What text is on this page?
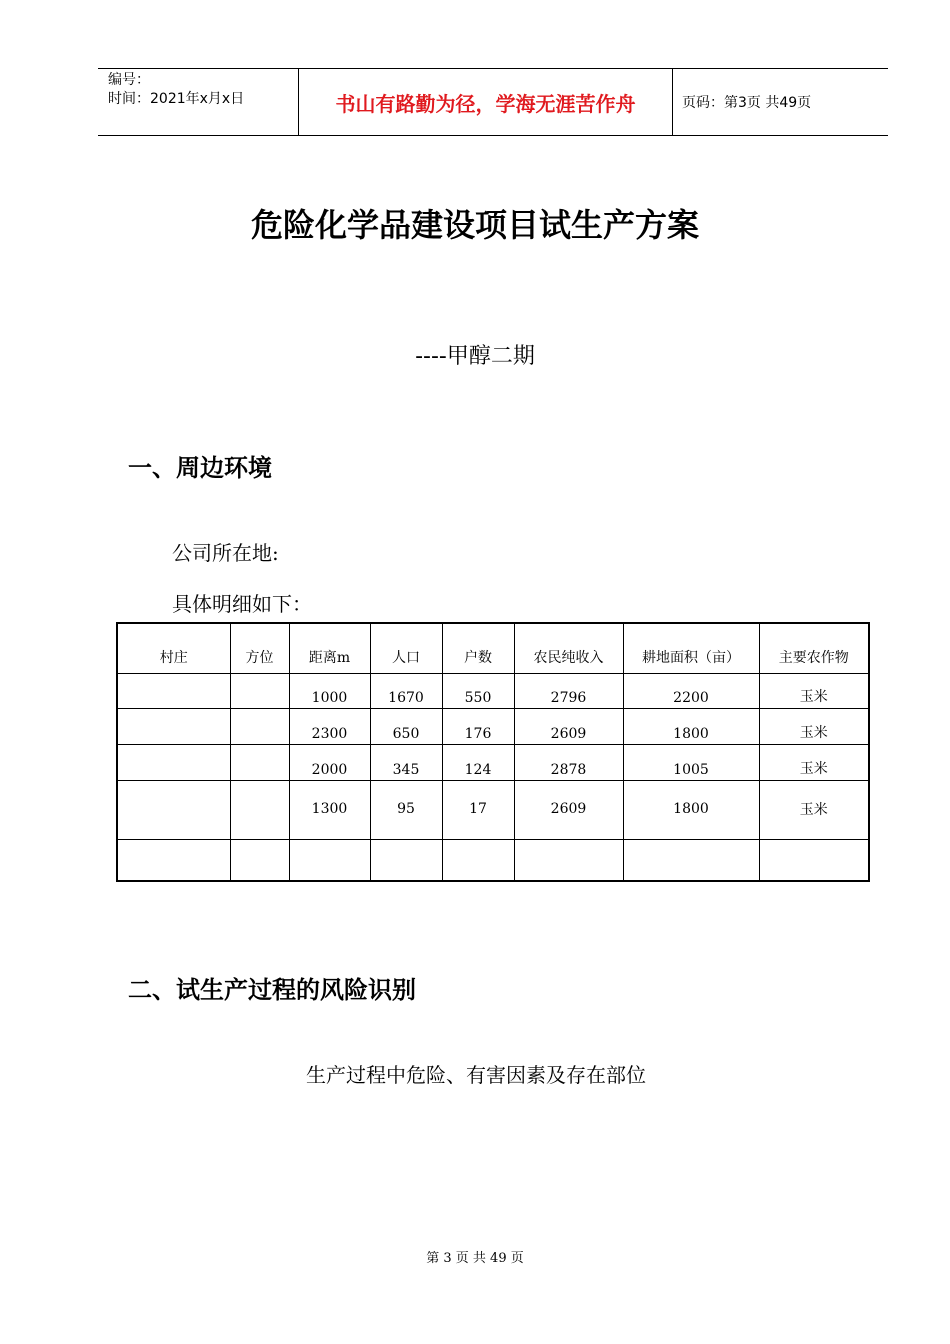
编号：
时间：2021年x月x日	书山有路勤为径，学海无涯苦作舟	页码：第3页 共49页
危险化学品建设项目试生产方案
----甲醇二期
一、周边环境
公司所在地:
具体明细如下：
村庄	方位	距离m	人口	户数	农民纯收入	耕地面积（亩）	主要农作物
		1000	1670	550	2796	2200	玉米
		2300	650	176	2609	1800	玉米
		2000	345	124	2878	1005	玉米
		1300	95	17	2609	1800	玉米

二、试生产过程的风险识别
生产过程中危险、有害因素及存在部位
第 3 页 共 49 页
